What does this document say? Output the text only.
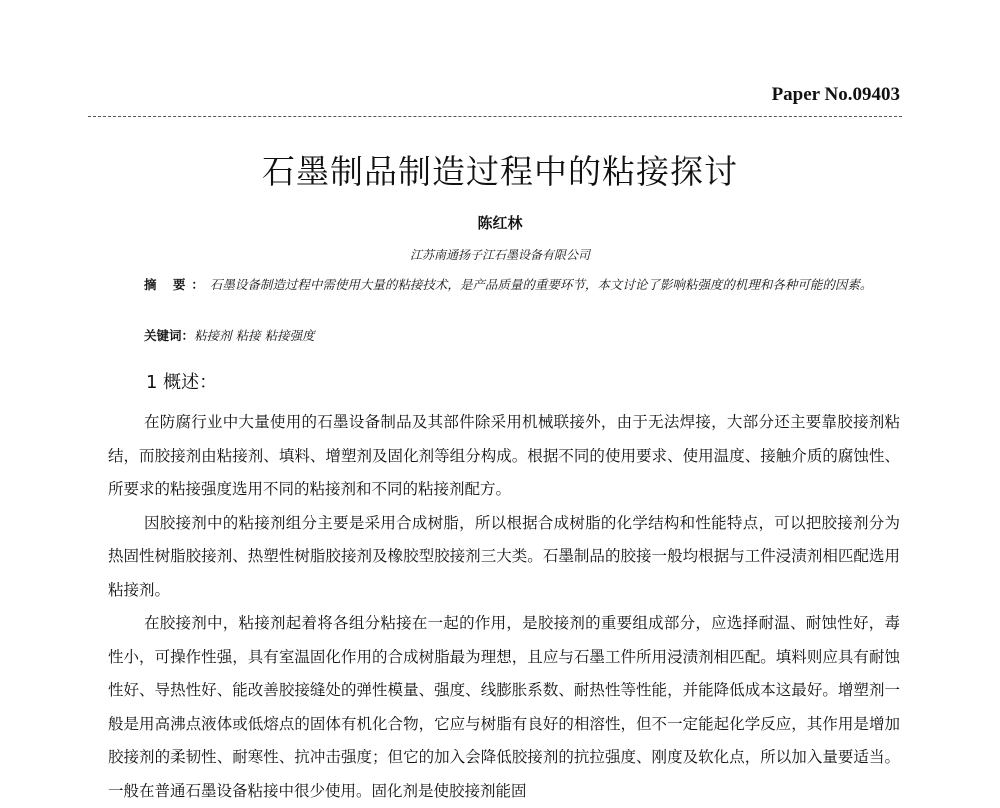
Paper No.09403
石墨制品制造过程中的粘接探讨
陈红林
江苏南通扬子江石墨设备有限公司
摘 要：石墨设备制造过程中需使用大量的粘接技术，是产品质量的重要环节，本文讨论了影响粘强度的机理和各种可能的因素。
关键词：粘接剂 粘接 粘接强度
1 概述：

在防腐行业中大量使用的石墨设备制品及其部件除采用机械联接外，由于无法焊接，大部分还主要靠胶接剂粘结，而胶接剂由粘接剂、填料、增塑剂及固化剂等组分构成。根据不同的使用要求、使用温度、接触介质的腐蚀性、所要求的粘接强度选用不同的粘接剂和不同的粘接剂配方。

因胶接剂中的粘接剂组分主要是采用合成树脂，所以根据合成树脂的化学结构和性能特点，可以把胶接剂分为热固性树脂胶接剂、热塑性树脂胶接剂及橡胶型胶接剂三大类。石墨制品的胶接一般均根据与工件浸渍剂相匹配选用粘接剂。

在胶接剂中，粘接剂起着将各组分粘接在一起的作用，是胶接剂的重要组成部分，应选择耐温、耐蚀性好，毒性小，可操作性强，具有室温固化作用的合成树脂最为理想，且应与石墨工件所用浸渍剂相匹配。填料则应具有耐蚀性好、导热性好、能改善胶接缝处的弹性模量、强度、线膨胀系数、耐热性等性能，并能降低成本这最好。增塑剂一般是用高沸点液体或低熔点的固体有机化合物，它应与树脂有良好的相溶性，但不一定能起化学反应，其作用是增加胶接剂的柔韧性、耐寒性、抗冲击强度；但它的加入会降低胶接剂的抗拉强度、刚度及软化点，所以加入量要适当。一般在普通石墨设备粘接中很少使用。固化剂是使胶接剂能固
